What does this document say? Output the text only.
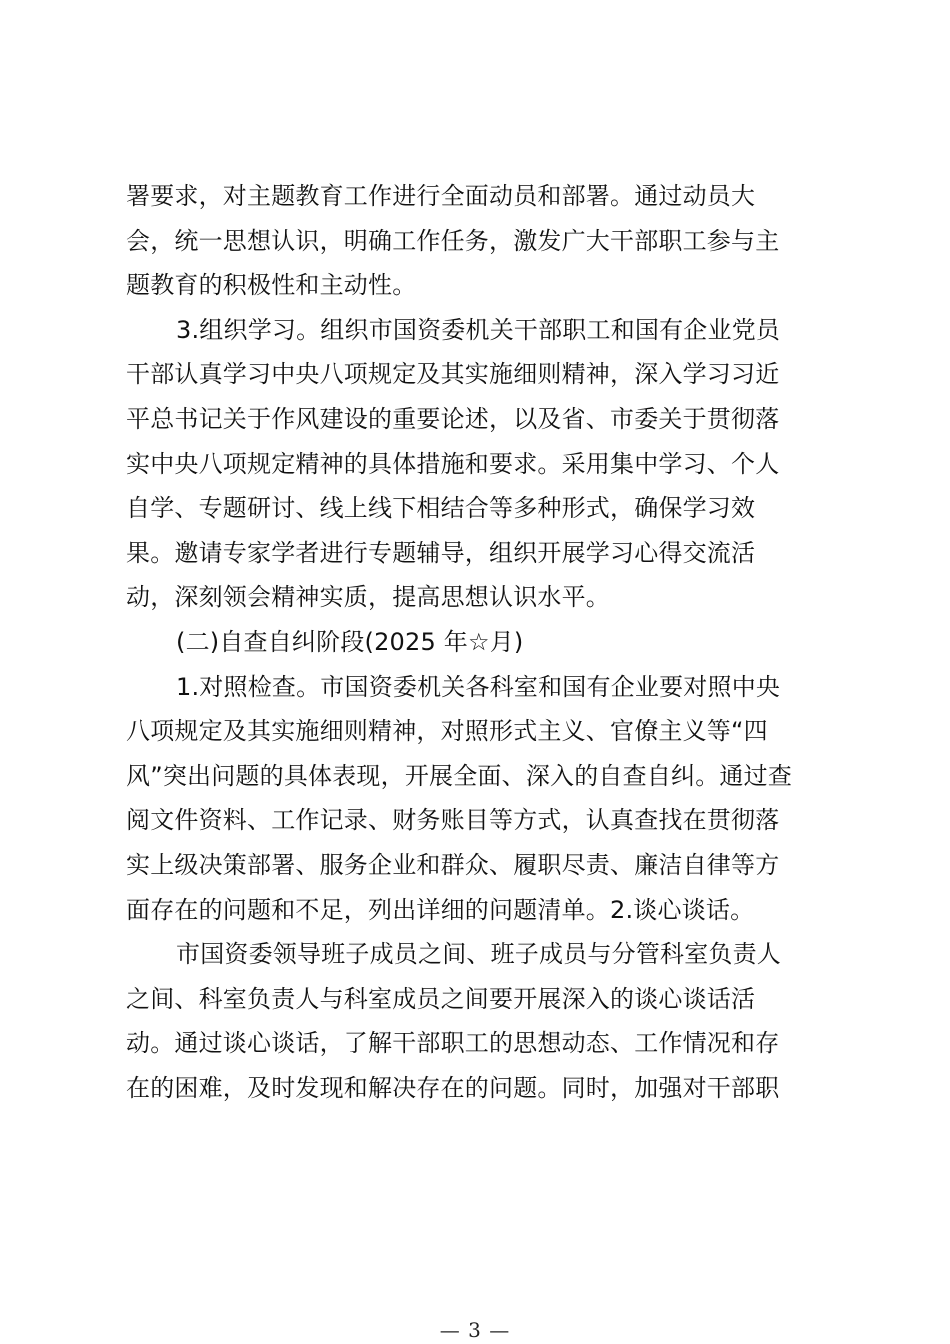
署要求，对主题教育工作进行全面动员和部署。通过动员大
会，统一思想认识，明确工作任务，激发广大干部职工参与主
题教育的积极性和主动性。
3.组织学习。组织市国资委机关干部职工和国有企业党员
干部认真学习中央八项规定及其实施细则精神，深入学习习近
平总书记关于作风建设的重要论述，以及省、市委关于贯彻落
实中央八项规定精神的具体措施和要求。采用集中学习、个人
自学、专题研讨、线上线下相结合等多种形式，确保学习效
果。邀请专家学者进行专题辅导，组织开展学习心得交流活
动，深刻领会精神实质，提高思想认识水平。
(二)自查自纠阶段(2025 年☆月)
1.对照检查。市国资委机关各科室和国有企业要对照中央
八项规定及其实施细则精神，对照形式主义、官僚主义等“四
风”突出问题的具体表现，开展全面、深入的自查自纠。通过查
阅文件资料、工作记录、财务账目等方式，认真查找在贯彻落
实上级决策部署、服务企业和群众、履职尽责、廉洁自律等方
面存在的问题和不足，列出详细的问题清单。2.谈心谈话。
市国资委领导班子成员之间、班子成员与分管科室负责人
之间、科室负责人与科室成员之间要开展深入的谈心谈话活
动。通过谈心谈话，了解干部职工的思想动态、工作情况和存
在的困难，及时发现和解决存在的问题。同时，加强对干部职
— 3 —
